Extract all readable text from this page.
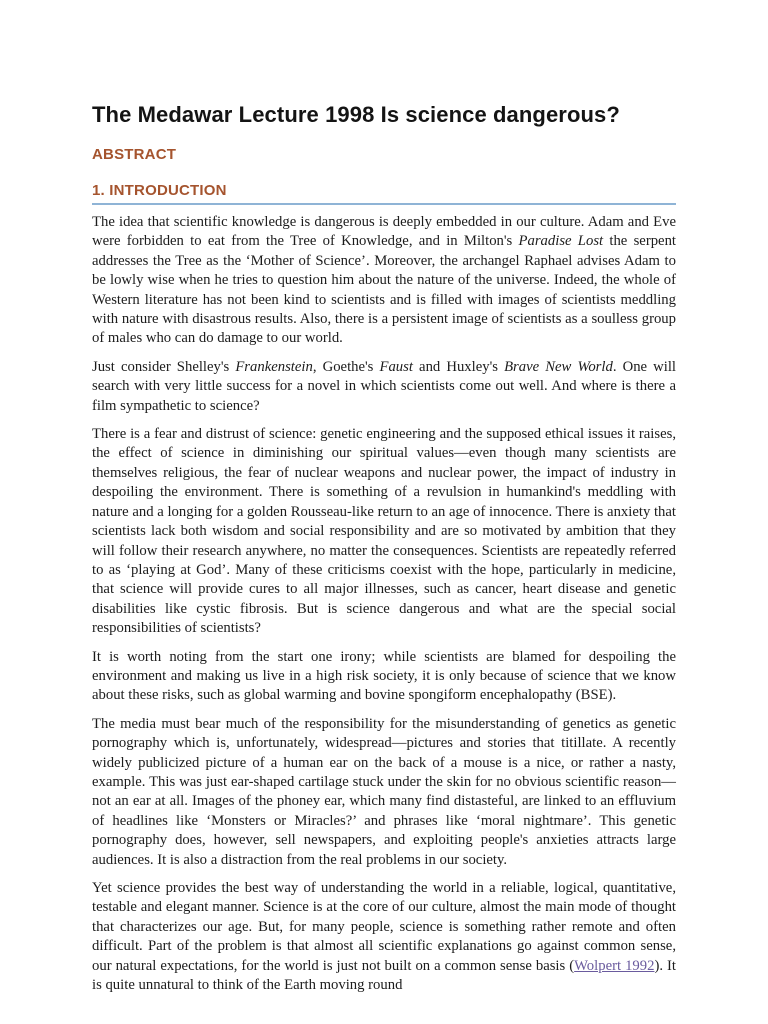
The Medawar Lecture 1998 Is science dangerous?
ABSTRACT
1. INTRODUCTION

The idea that scientific knowledge is dangerous is deeply embedded in our culture. Adam and Eve were forbidden to eat from the Tree of Knowledge, and in Milton's Paradise Lost the serpent addresses the Tree as the ‘Mother of Science’. Moreover, the archangel Raphael advises Adam to be lowly wise when he tries to question him about the nature of the universe. Indeed, the whole of Western literature has not been kind to scientists and is filled with images of scientists meddling with nature with disastrous results. Also, there is a persistent image of scientists as a soulless group of males who can do damage to our world.

Just consider Shelley's Frankenstein, Goethe's Faust and Huxley's Brave New World. One will search with very little success for a novel in which scientists come out well. And where is there a film sympathetic to science?

There is a fear and distrust of science: genetic engineering and the supposed ethical issues it raises, the effect of science in diminishing our spiritual values—even though many scientists are themselves religious, the fear of nuclear weapons and nuclear power, the impact of industry in despoiling the environment. There is something of a revulsion in humankind's meddling with nature and a longing for a golden Rousseau-like return to an age of innocence. There is anxiety that scientists lack both wisdom and social responsibility and are so motivated by ambition that they will follow their research anywhere, no matter the consequences. Scientists are repeatedly referred to as ‘playing at God’. Many of these criticisms coexist with the hope, particularly in medicine, that science will provide cures to all major illnesses, such as cancer, heart disease and genetic disabilities like cystic fibrosis. But is science dangerous and what are the special social responsibilities of scientists?

It is worth noting from the start one irony; while scientists are blamed for despoiling the environment and making us live in a high risk society, it is only because of science that we know about these risks, such as global warming and bovine spongiform encephalopathy (BSE).

The media must bear much of the responsibility for the misunderstanding of genetics as genetic pornography which is, unfortunately, widespread—pictures and stories that titillate. A recently widely publicized picture of a human ear on the back of a mouse is a nice, or rather a nasty, example. This was just ear-shaped cartilage stuck under the skin for no obvious scientific reason—not an ear at all. Images of the phoney ear, which many find distasteful, are linked to an effluvium of headlines like ‘Monsters or Miracles?’ and phrases like ‘moral nightmare’. This genetic pornography does, however, sell newspapers, and exploiting people's anxieties attracts large audiences. It is also a distraction from the real problems in our society.

Yet science provides the best way of understanding the world in a reliable, logical, quantitative, testable and elegant manner. Science is at the core of our culture, almost the main mode of thought that characterizes our age. But, for many people, science is something rather remote and often difficult. Part of the problem is that almost all scientific explanations go against common sense, our natural expectations, for the world is just not built on a common sense basis (Wolpert 1992). It is quite unnatural to think of the Earth moving round
